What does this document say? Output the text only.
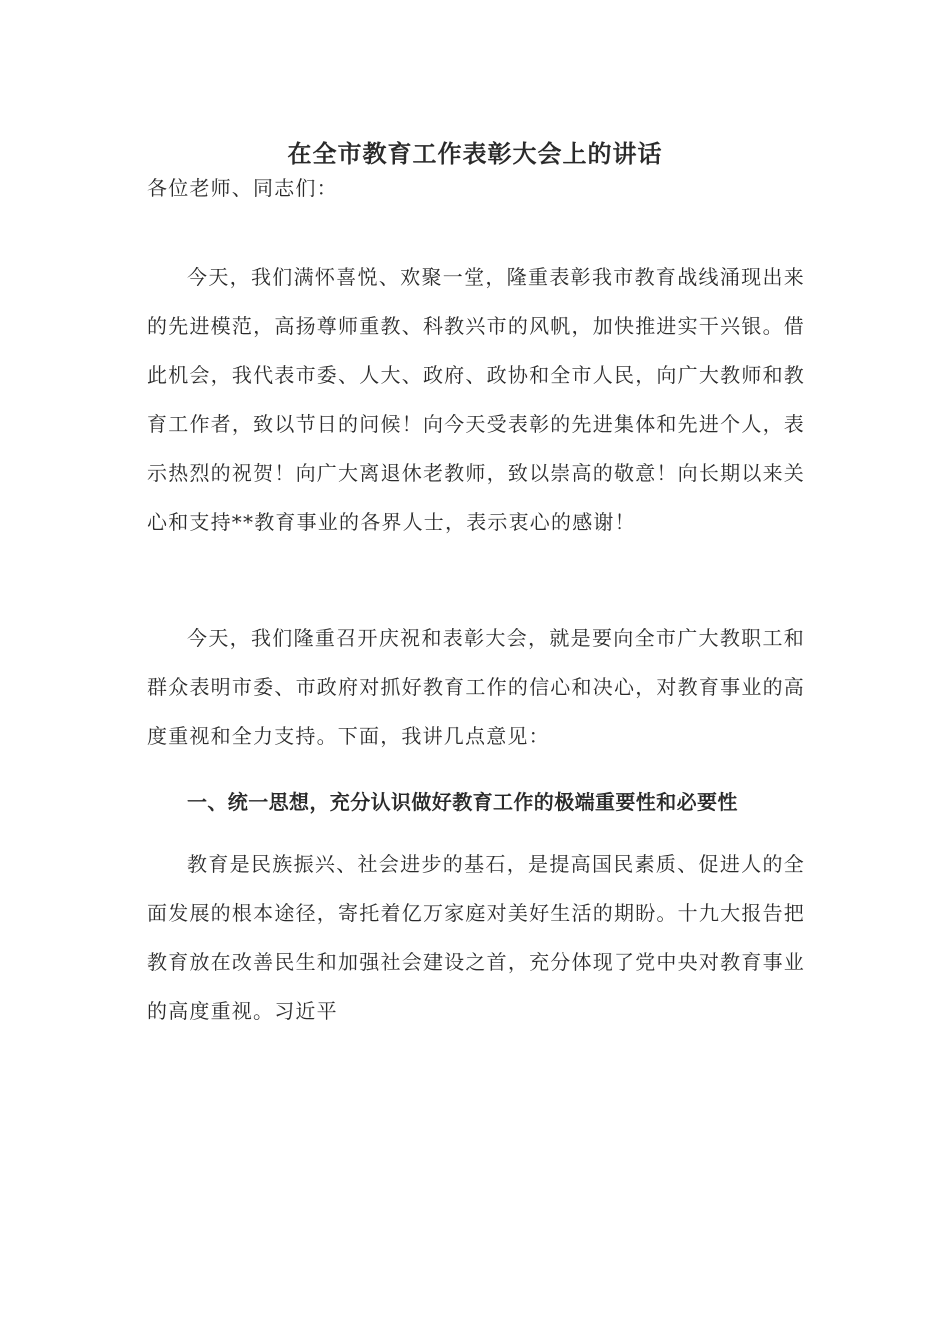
在全市教育工作表彰大会上的讲话
各位老师、同志们：
今天，我们满怀喜悦、欢聚一堂，隆重表彰我市教育战线涌现出来的先进模范，高扬尊师重教、科教兴市的风帆，加快推进实干兴银。借此机会，我代表市委、人大、政府、政协和全市人民，向广大教师和教育工作者，致以节日的问候！向今天受表彰的先进集体和先进个人，表示热烈的祝贺！向广大离退休老教师，致以崇高的敬意！向长期以来关心和支持**教育事业的各界人士，表示衷心的感谢！
今天，我们隆重召开庆祝和表彰大会，就是要向全市广大教职工和群众表明市委、市政府对抓好教育工作的信心和决心，对教育事业的高度重视和全力支持。下面，我讲几点意见：
一、统一思想，充分认识做好教育工作的极端重要性和必要性
教育是民族振兴、社会进步的基石，是提高国民素质、促进人的全面发展的根本途径，寄托着亿万家庭对美好生活的期盼。十九大报告把教育放在改善民生和加强社会建设之首，充分体现了党中央对教育事业的高度重视。习近平
